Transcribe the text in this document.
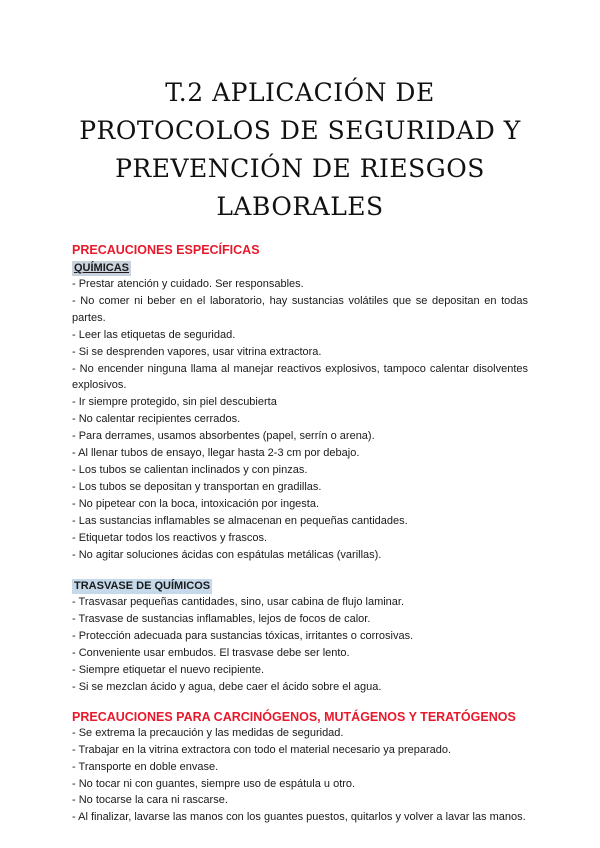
T.2 APLICACIÓN DE PROTOCOLOS DE SEGURIDAD Y
PREVENCIÓN DE RIESGOS LABORALES

PRECAUCIONES ESPECÍFICAS

QUÍMICAS

- Prestar atención y cuidado. Ser responsables.
- No comer ni beber en el laboratorio, hay sustancias volátiles que se depositan en todas partes.
- Leer las etiquetas de seguridad.
- Si se desprenden vapores, usar vitrina extractora.
- No encender ninguna llama al manejar reactivos explosivos, tampoco calentar disolventes explosivos.
- Ir siempre protegido, sin piel descubierta
- No calentar recipientes cerrados.
- Para derrames, usamos absorbentes (papel, serrín o arena).
- Al llenar tubos de ensayo, llegar hasta 2-3 cm por debajo.
- Los tubos se calientan inclinados y con pinzas.
- Los tubos se depositan y transportan en gradillas.
- No pipetear con la boca, intoxicación por ingesta.
- Las sustancias inflamables se almacenan en pequeñas cantidades.
- Etiquetar todos los reactivos y frascos.
- No agitar soluciones ácidas con espátulas metálicas (varillas).

TRASVASE DE QUÍMICOS

- Trasvasar pequeñas cantidades, sino, usar cabina de flujo laminar.
- Trasvase de sustancias inflamables, lejos de focos de calor.
- Protección adecuada para sustancias tóxicas, irritantes o corrosivas.
- Conveniente usar embudos. El trasvase debe ser lento.
- Siempre etiquetar el nuevo recipiente.
- Si se mezclan ácido y agua, debe caer el ácido sobre el agua.

PRECAUCIONES PARA CARCINÓGENOS, MUTÁGENOS Y TERATÓGENOS

- Se extrema la precaución y las medidas de seguridad.
- Trabajar en la vitrina extractora con todo el material necesario ya preparado.
- Transporte en doble envase.
- No tocar ni con guantes, siempre uso de espátula u otro.
- No tocarse la cara ni rascarse.
- Al finalizar, lavarse las manos con los guantes puestos, quitarlos y volver a lavar las manos.
